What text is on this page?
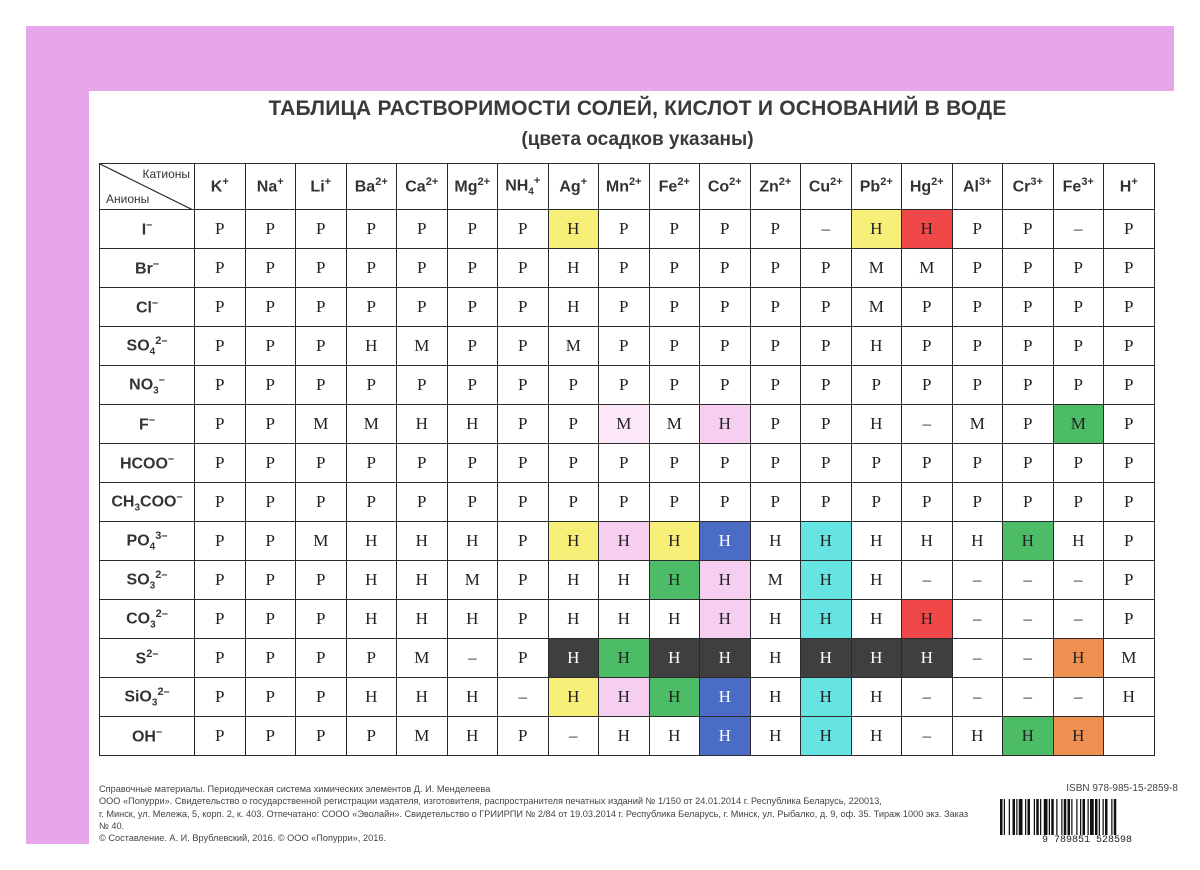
ТАБЛИЦА РАСТВОРИМОСТИ СОЛЕЙ, КИСЛОТ И ОСНОВАНИЙ В ВОДЕ
(цвета осадков указаны)
Катионы
Анионы	K+	Na+	Li+	$Ba^{2+}$	$Ca^{2+}$	$Mg^{2+}$	$NH_4^+$	Ag+	$Mn^{2+}$	$Fe^{2+}$	$Co^{2+}$	$Zn^{2+}$	$Cu^{2+}$	$Pb^{2+}$	$Hg^{2+}$	$Al^{3+}$	$Cr^{3+}$	$Fe^{3+}$	H+
I–	Р	Р	Р	Р	Р	Р	Р	Н	Р	Р	Р	Р	–	Н	Н	Р	Р	–	Р

Br–	Р	Р	Р	Р	Р	Р	Р	Н	Р	Р	Р	Р	Р	М	М	Р	Р	Р	Р

Cl–	Р	Р	Р	Р	Р	Р	Р	Н	Р	Р	Р	Р	Р	М	Р	Р	Р	Р	Р

$SO_4^{2-}$	Р	Р	Р	Н	М	Р	Р	М	Р	Р	Р	Р	Р	Н	Р	Р	Р	Р	Р

$NO_3^-$	Р	Р	Р	Р	Р	Р	Р	Р	Р	Р	Р	Р	Р	Р	Р	Р	Р	Р	Р

F–	Р	Р	М	М	Н	Н	Р	Р	М	М	Н	Р	Р	Н	–	М	Р	М	Р

HCOO–	Р	Р	Р	Р	Р	Р	Р	Р	Р	Р	Р	Р	Р	Р	Р	Р	Р	Р	Р

$CH_3COO^-$	Р	Р	Р	Р	Р	Р	Р	Р	Р	Р	Р	Р	Р	Р	Р	Р	Р	Р	Р

$PO_4^{3-}$	Р	Р	М	Н	Н	Н	Р	Н	Н	Н	Н	Н	Н	Н	Н	Н	Н	Н	Р

$SO_3^{2-}$	Р	Р	Р	Н	Н	М	Р	Н	Н	Н	Н	М	Н	Н	–	–	–	–	Р

$CO_3^{2-}$	Р	Р	Р	Н	Н	Н	Р	Н	Н	Н	Н	Н	Н	Н	Н	–	–	–	Р

$S^{2-}$	Р	Р	Р	Р	М	–	Р	Н	Н	Н	Н	Н	Н	Н	Н	–	–	Н	М

SiO$_3^{2-}$	Р	Р	Р	Н	Н	Н	–	Н	Н	Н	Н	Н	Н	Н	–	–	–	–	Н

OH–	Р	Р	Р	Р	М	Н	Р	–	Н	Н	Н	Н	Н	Н	–	Н	Н	Н	

Справочные материалы. Периодическая система химических элементов Д. И. Менделеева
ООО «Попурри». Свидетельство о государственной регистрации издателя, изготовителя, распространителя печатных изданий № 1/150 от 24.01.2014 г. Республика Беларусь, 220013,
г. Минск, ул. Мележа, 5, корп. 2, к. 403. Отпечатано: СООО «Эволайн». Свидетельство о ГРИИРПИ № 2/84 от 19.03.2014 г. Республика Беларусь, г. Минск, ул. Рыбалко, д. 9, оф. 35. Тираж 1000 экз. Заказ № 40.
© Составление. А. И. Врублевский, 2016. © ООО «Попурри», 2016.
ISBN 978-985-15-2859-8
9 789851 528598
